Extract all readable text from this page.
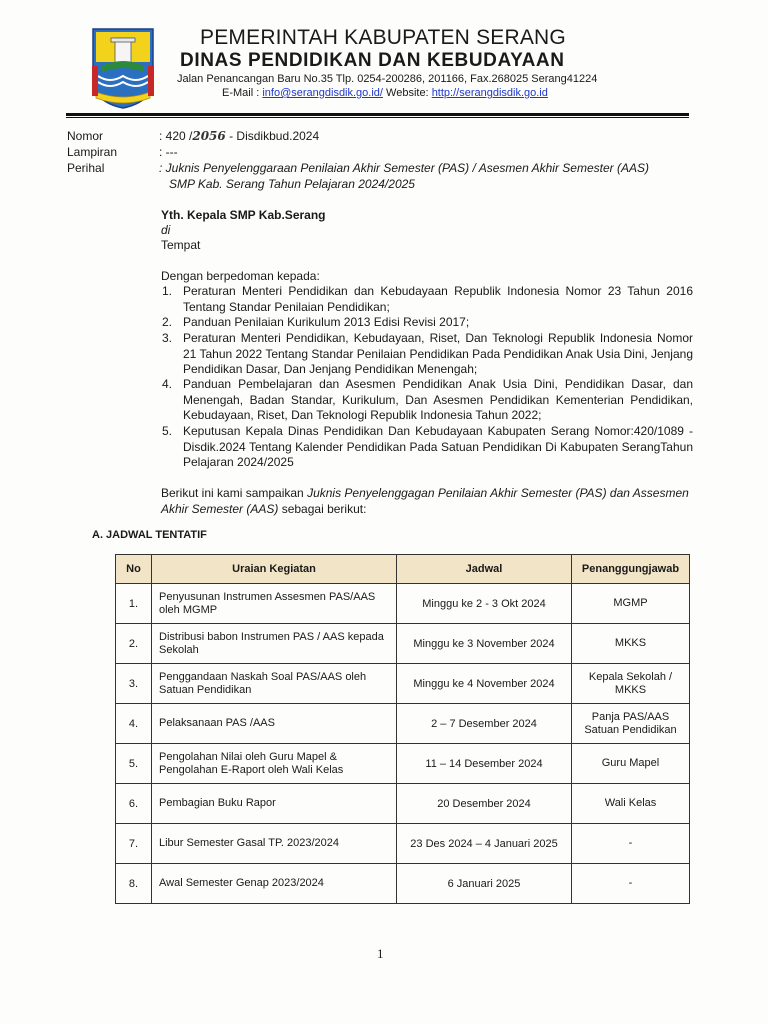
PEMERINTAH KABUPATEN SERANG
DINAS PENDIDIKAN DAN KEBUDAYAAN
Jalan Penancangan Baru No.35 Tlp. 0254-200286, 201166, Fax.268025 Serang41224
E-Mail : info@serangdisdik.go.id/ Website: http://serangdisdik.go.id
Nomor	: 420 /2056 - Disdikbud.2024
Lampiran	: ---
Perihal	: Juknis Penyelenggaraan Penilaian Akhir Semester (PAS) / Asesmen Akhir Semester (AAS)
SMP Kab. Serang Tahun Pelajaran 2024/2025
Yth. Kepala SMP Kab.Serang
di
Tempat
Dengan berpedoman kepada:
1. Peraturan Menteri Pendidikan dan Kebudayaan Republik Indonesia Nomor 23 Tahun 2016 Tentang Standar Penilaian Pendidikan;
2. Panduan Penilaian Kurikulum 2013 Edisi Revisi 2017;
3. Peraturan Menteri Pendidikan, Kebudayaan, Riset, Dan Teknologi Republik Indonesia Nomor 21 Tahun 2022 Tentang Standar Penilaian Pendidikan Pada Pendidikan Anak Usia Dini, Jenjang Pendidikan Dasar, Dan Jenjang Pendidikan Menengah;
4. Panduan Pembelajaran dan Asesmen Pendidikan Anak Usia Dini, Pendidikan Dasar, dan Menengah, Badan Standar, Kurikulum, Dan Asesmen Pendidikan Kementerian Pendidikan, Kebudayaan, Riset, Dan Teknologi Republik Indonesia Tahun 2022;
5. Keputusan Kepala Dinas Pendidikan Dan Kebudayaan Kabupaten Serang Nomor:420/1089 - Disdik.2024 Tentang Kalender Pendidikan Pada Satuan Pendidikan Di Kabupaten SerangTahun Pelajaran 2024/2025
Berikut ini kami sampaikan Juknis Penyelenggagan Penilaian Akhir Semester (PAS) dan Assesmen Akhir Semester (AAS) sebagai berikut:
A. JADWAL TENTATIF
No	Uraian Kegiatan	Jadwal	Penanggungjawab
1.	Penyusunan Instrumen Assesmen PAS/AAS oleh MGMP	Minggu ke 2 - 3 Okt 2024	MGMP
2.	Distribusi babon Instrumen PAS / AAS kepada Sekolah	Minggu ke 3 November 2024	MKKS
3.	Penggandaan Naskah Soal PAS/AAS oleh Satuan Pendidikan	Minggu ke 4 November 2024	Kepala Sekolah / MKKS
4.	Pelaksanaan PAS /AAS	2 – 7 Desember 2024	Panja PAS/AAS Satuan Pendidikan
5.	Pengolahan Nilai oleh Guru Mapel & Pengolahan E-Raport oleh Wali Kelas	11 – 14 Desember 2024	Guru Mapel
6.	Pembagian Buku Rapor	20 Desember 2024	Wali Kelas
7.	Libur Semester Gasal TP. 2023/2024	23 Des 2024 – 4 Januari 2025	-
8.	Awal Semester Genap 2023/2024	6 Januari 2025	-
1
